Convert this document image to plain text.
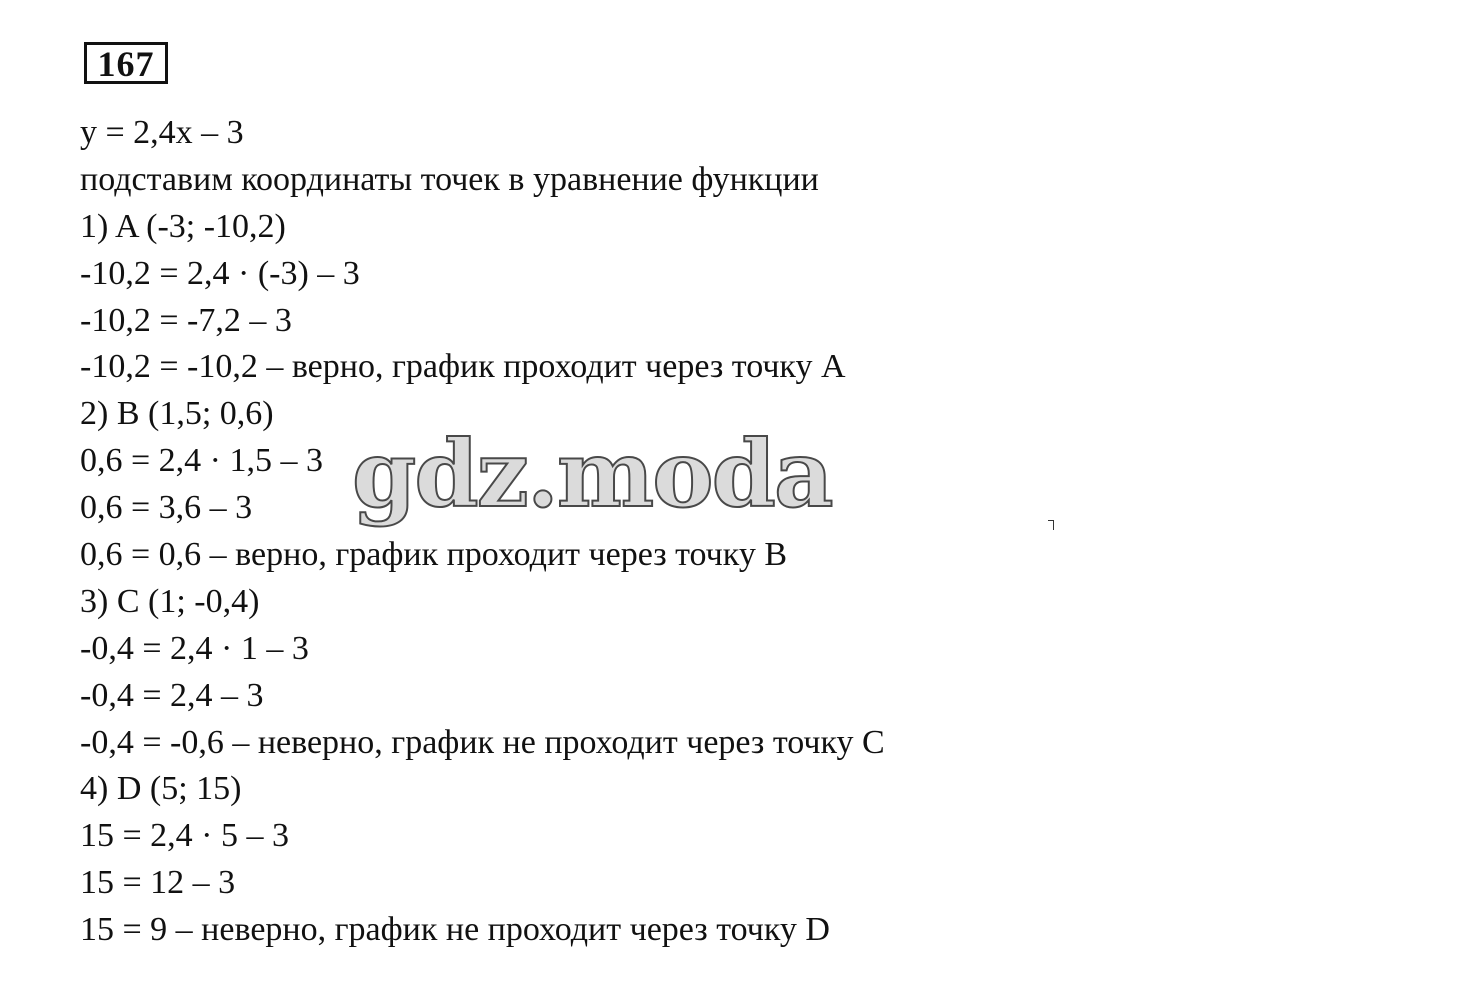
167
y = 2,4x – 3
подставим координаты точек в уравнение функции
1) A (-3; -10,2)
-10,2 = 2,4 · (-3) – 3
-10,2 = -7,2 – 3
-10,2 = -10,2 – верно, график проходит через точку A
2) B (1,5; 0,6)
0,6 = 2,4 · 1,5 – 3
0,6 = 3,6 – 3
0,6 = 0,6 – верно, график проходит через точку B
3) C (1; -0,4)
-0,4 = 2,4 · 1 – 3
-0,4 = 2,4 – 3
-0,4 = -0,6 – неверно, график не проходит через точку C
4) D (5; 15)
15 = 2,4 · 5 – 3
15 = 12 – 3
15 = 9 – неверно, график не проходит через точку D
gdz.moda
